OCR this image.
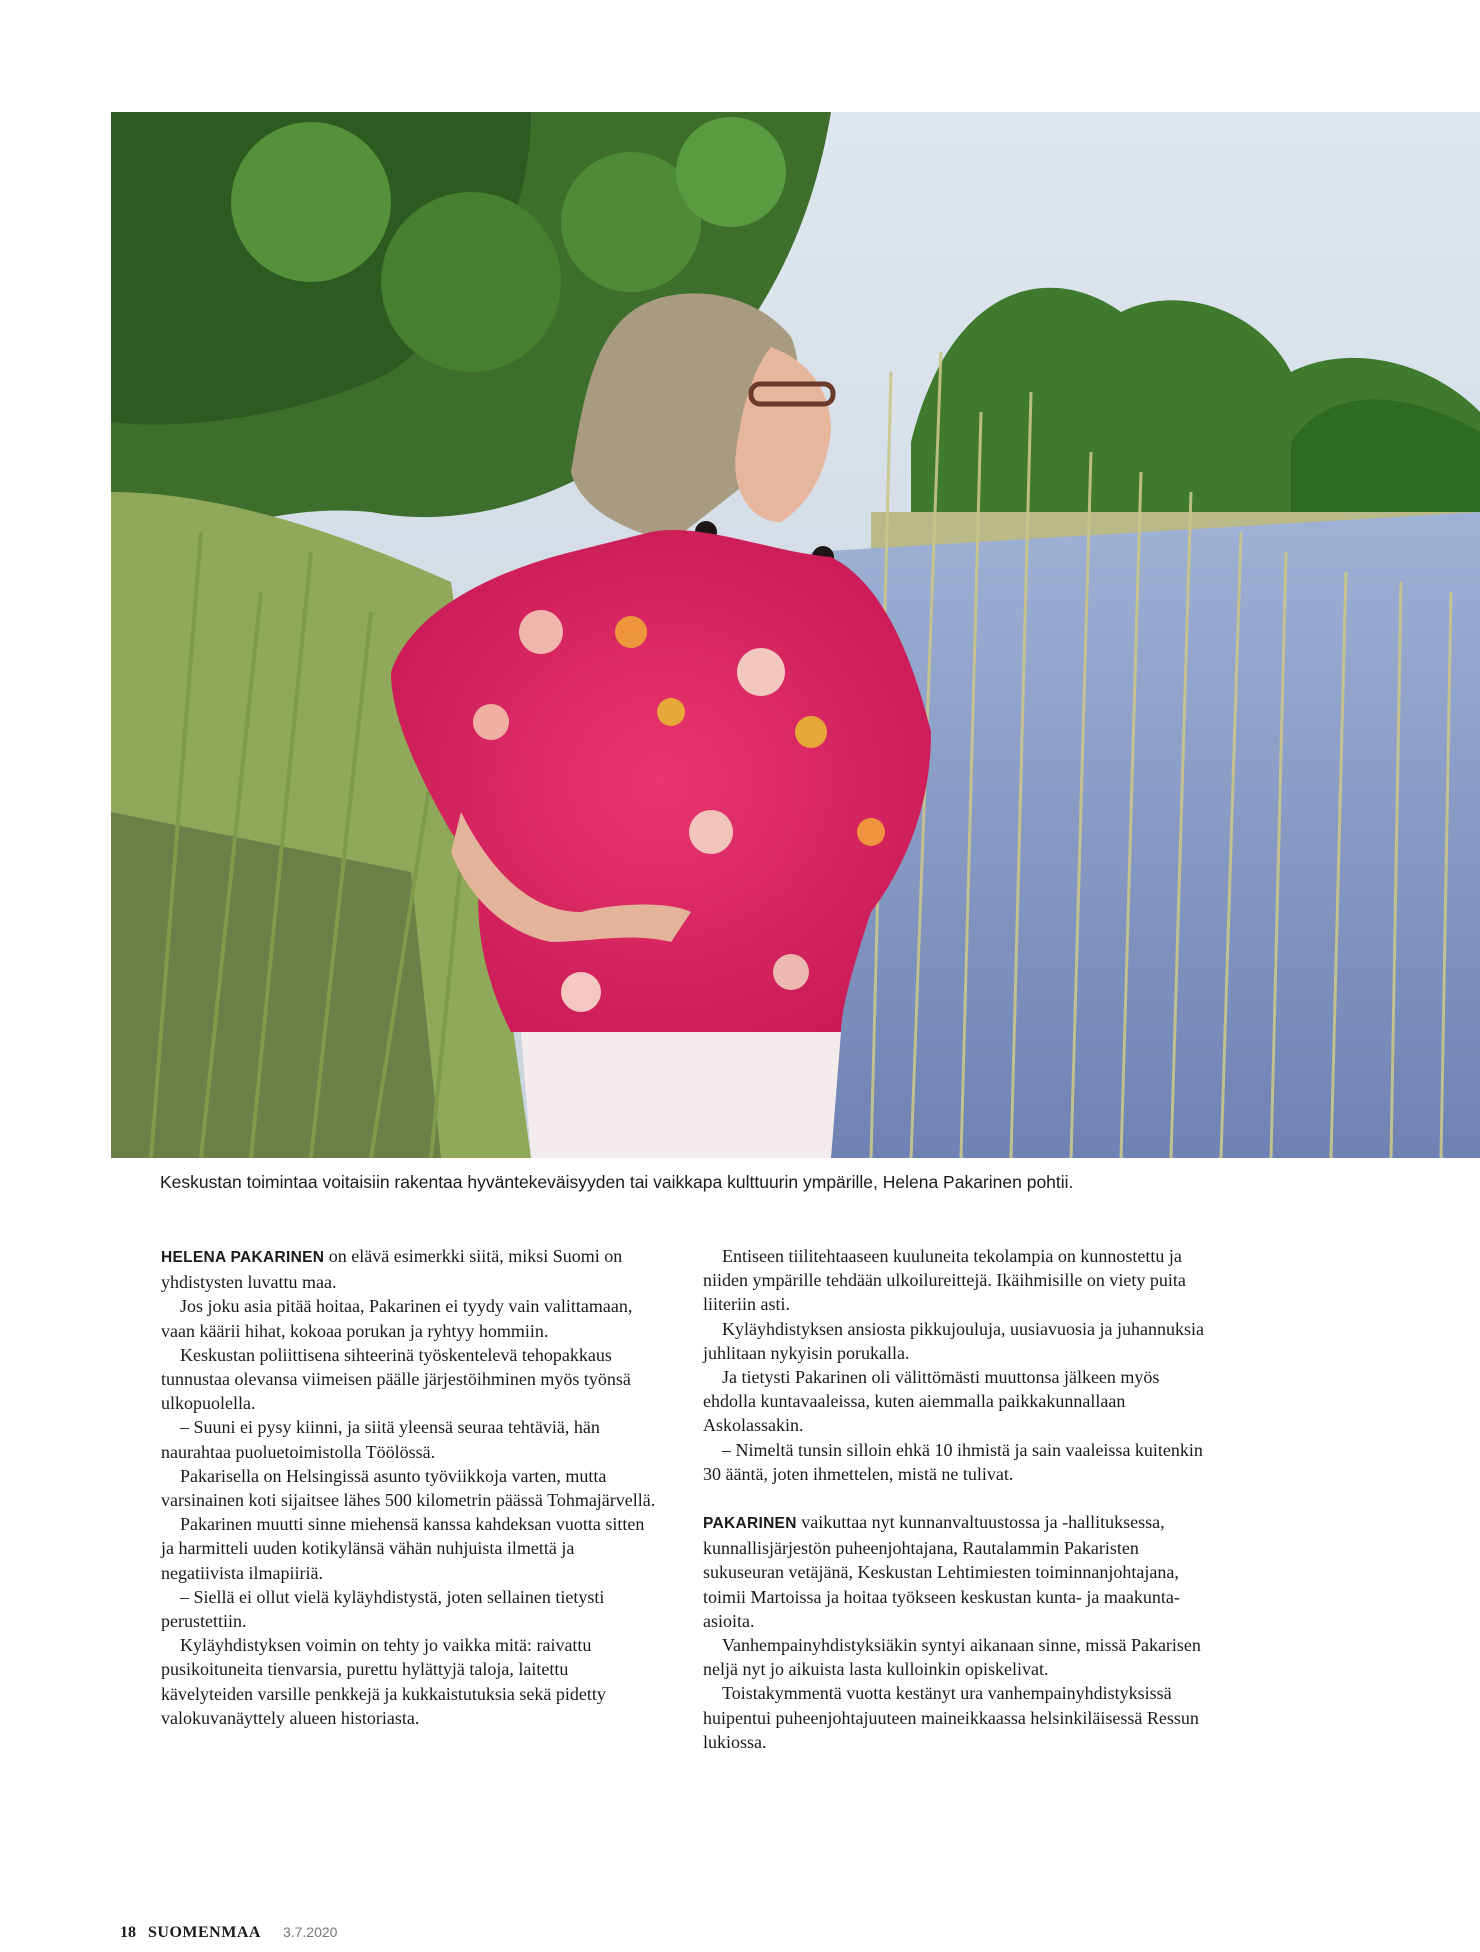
Keskustan toimintaa voitaisiin rakentaa hyväntekeväisyyden tai vaikkapa kulttuurin ympärille, Helena Pakarinen pohtii.

HELENA PAKARINEN on elävä esimerkki siitä, miksi Suomi on yhdistysten luvattu maa.

Jos joku asia pitää hoitaa, Pakarinen ei tyydy vain valittamaan, vaan käärii hihat, kokoaa porukan ja ryhtyy hommiin.

Keskustan poliittisena sihteerinä työskentelevä tehopakkaus tunnustaa olevansa viimeisen päälle järjestöihminen myös työnsä ulkopuolella.

– Suuni ei pysy kiinni, ja siitä yleensä seuraa tehtäviä, hän naurahtaa puoluetoimistolla Töölössä.

Pakarisella on Helsingissä asunto työviikkoja varten, mutta varsinainen koti sijaitsee lähes 500 kilometrin päässä Tohmajärvellä.

Pakarinen muutti sinne miehensä kanssa kahdeksan vuotta sitten ja harmitteli uuden kotikylänsä vähän nuhjuista ilmettä ja negatiivista ilmapiiriä.

– Siellä ei ollut vielä kyläyhdistystä, joten sellainen tietysti perustettiin.

Kyläyhdistyksen voimin on tehty jo vaikka mitä: raivattu pusikoituneita tienvarsia, purettu hylättyjä taloja, laitettu kävelyteiden varsille penkkejä ja kukkaistutuksia sekä pidetty valokuvanäyttely alueen historiasta.

Entiseen tiilitehtaaseen kuuluneita tekolampia on kunnostettu ja niiden ympärille tehdään ulkoilureittejä. Ikäihmisille on viety puita liiteriin asti.

Kyläyhdistyksen ansiosta pikkujouluja, uusiavuosia ja juhannuksia juhlitaan nykyisin porukalla.

Ja tietysti Pakarinen oli välittömästi muuttonsa jälkeen myös ehdolla kuntavaaleissa, kuten aiemmalla paikkakunnallaan Askolassakin.

– Nimeltä tunsin silloin ehkä 10 ihmistä ja sain vaaleissa kuitenkin 30 ääntä, joten ihmettelen, mistä ne tulivat.

PAKARINEN vaikuttaa nyt kunnanvaltuustossa ja -hallituksessa, kunnallisjärjestön puheenjohtajana, Rautalammin Pakaristen sukuseuran vetäjänä, Keskustan Lehtimiesten toiminnanjohtajana, toimii Martoissa ja hoitaa työkseen keskustan kunta- ja maakunta-asioita.

Vanhempainyhdistyksiäkin syntyi aikanaan sinne, missä Pakarisen neljä nyt jo aikuista lasta kulloinkin opiskelivat.

Toistakymmentä vuotta kestänyt ura vanhempainyhdistyksissä huipentui puheenjohtajuuteen maineikkaassa helsinkiläisessä Ressun lukiossa.

18 SUOMENMAA 3.7.2020
